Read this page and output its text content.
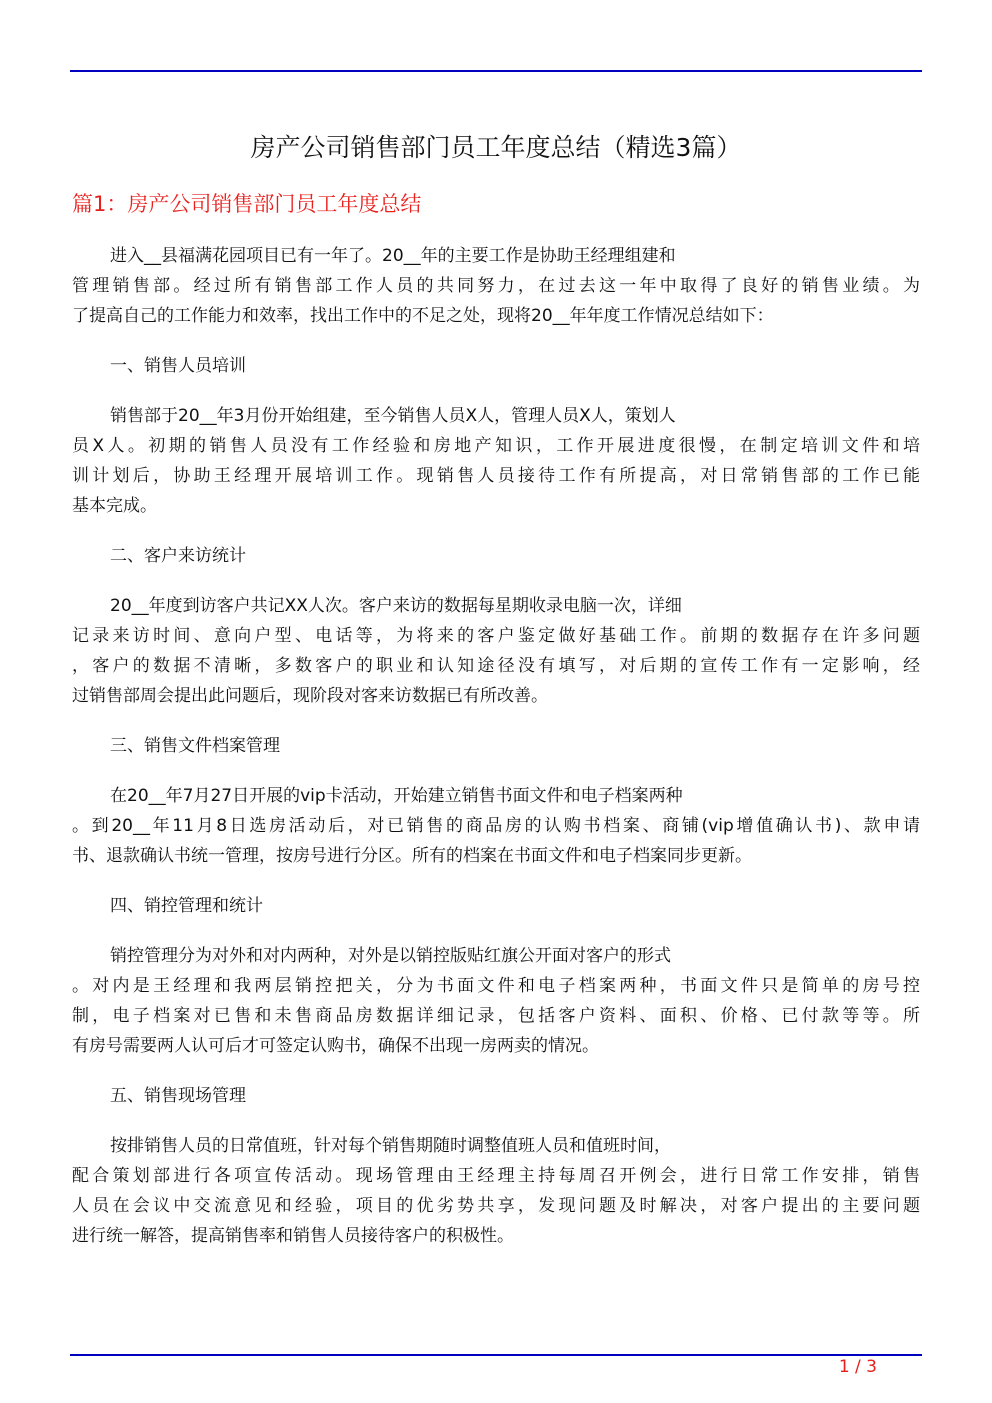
房产公司销售部门员工年度总结（精选3篇）
篇1：房产公司销售部门员工年度总结
进入__县福满花园项目已有一年了。20__年的主要工作是协助王经理组建和
管理销售部。经过所有销售部工作人员的共同努力，在过去这一年中取得了良好的销售业绩。为
了提高自己的工作能力和效率，找出工作中的不足之处，现将20__年年度工作情况总结如下：
一、销售人员培训
销售部于20__年3月份开始组建，至今销售人员X人，管理人员X人，策划人
员X人。初期的销售人员没有工作经验和房地产知识，工作开展进度很慢，在制定培训文件和培
训计划后，协助王经理开展培训工作。现销售人员接待工作有所提高，对日常销售部的工作已能
基本完成。
二、客户来访统计
20__年度到访客户共记XX人次。客户来访的数据每星期收录电脑一次，详细
记录来访时间、意向户型、电话等，为将来的客户鉴定做好基础工作。前期的数据存在许多问题
，客户的数据不清晰，多数客户的职业和认知途径没有填写，对后期的宣传工作有一定影响，经
过销售部周会提出此问题后，现阶段对客来访数据已有所改善。
三、销售文件档案管理
在20__年7月27日开展的vip卡活动，开始建立销售书面文件和电子档案两种
。到20__年11月8日选房活动后，对已销售的商品房的认购书档案、商铺(vip增值确认书)、款申请
书、退款确认书统一管理，按房号进行分区。所有的档案在书面文件和电子档案同步更新。
四、销控管理和统计
销控管理分为对外和对内两种，对外是以销控版贴红旗公开面对客户的形式
。对内是王经理和我两层销控把关，分为书面文件和电子档案两种，书面文件只是简单的房号控
制，电子档案对已售和未售商品房数据详细记录，包括客户资料、面积、价格、已付款等等。所
有房号需要两人认可后才可签定认购书，确保不出现一房两卖的情况。
五、销售现场管理
按排销售人员的日常值班，针对每个销售期随时调整值班人员和值班时间，
配合策划部进行各项宣传活动。现场管理由王经理主持每周召开例会，进行日常工作安排，销售
人员在会议中交流意见和经验，项目的优劣势共享，发现问题及时解决，对客户提出的主要问题
进行统一解答，提高销售率和销售人员接待客户的积极性。
1 / 3
